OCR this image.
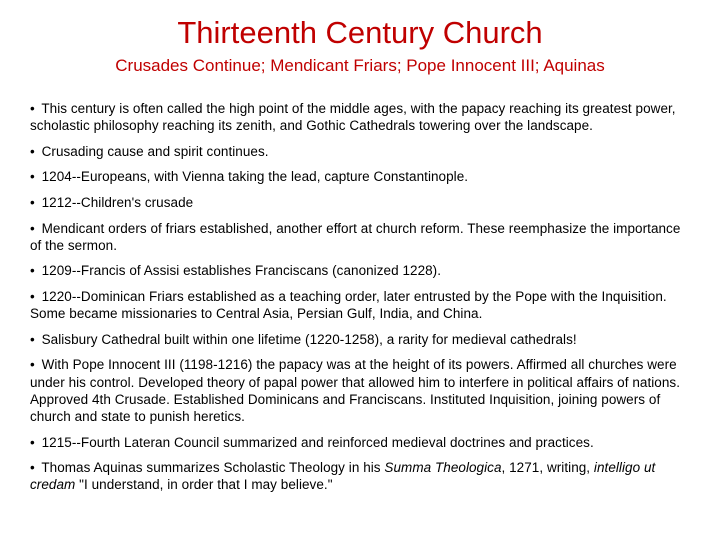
Thirteenth Century Church
Crusades Continue; Mendicant Friars; Pope Innocent III; Aquinas
• This century is often called the high point of the middle ages, with the papacy reaching its greatest power, scholastic philosophy reaching its zenith, and Gothic Cathedrals towering over the landscape.
• Crusading cause and spirit continues.
• 1204--Europeans, with Vienna taking the lead, capture Constantinople.
• 1212--Children's crusade
• Mendicant orders of friars established, another effort at church reform. These reemphasize the importance of the sermon.
• 1209--Francis of Assisi establishes Franciscans (canonized 1228).
• 1220--Dominican Friars established as a teaching order, later entrusted by the Pope with the Inquisition. Some became missionaries to Central Asia, Persian Gulf, India, and China.
• Salisbury Cathedral built within one lifetime (1220-1258), a rarity for medieval cathedrals!
• With Pope Innocent III (1198-1216) the papacy was at the height of its powers. Affirmed all churches were under his control. Developed theory of papal power that allowed him to interfere in political affairs of nations. Approved 4th Crusade. Established Dominicans and Franciscans. Instituted Inquisition, joining powers of church and state to punish heretics.
• 1215--Fourth Lateran Council summarized and reinforced medieval doctrines and practices.
• Thomas Aquinas summarizes Scholastic Theology in his Summa Theologica, 1271, writing, intelligo ut credam "I understand, in order that I may believe."
